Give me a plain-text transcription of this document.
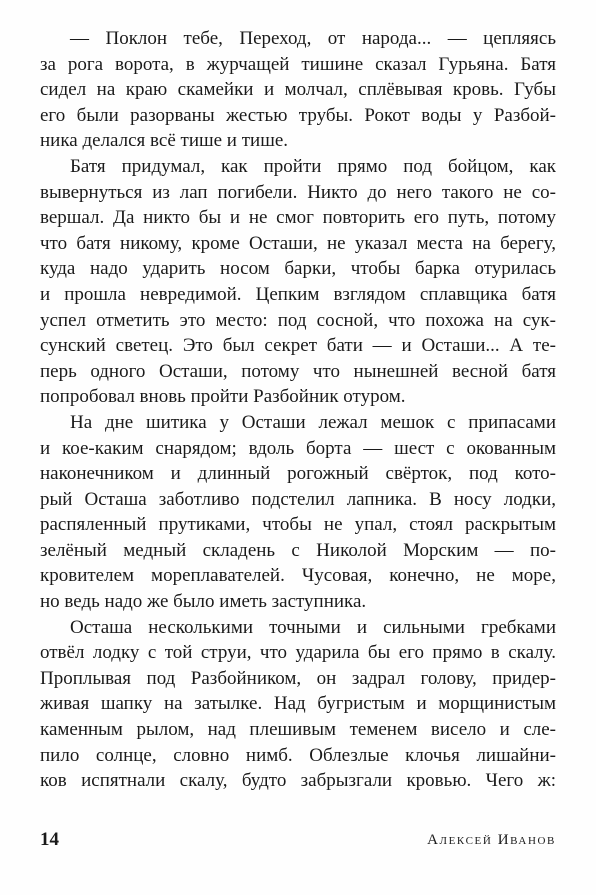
— Поклон тебе, Переход, от народа... — цепляясь
за рога ворота, в журчащей тишине сказал Гурьяна. Батя
сидел на краю скамейки и молчал, сплёвывая кровь. Губы
его были разорваны жестью трубы. Рокот воды у Разбой-
ника делался всё тише и тише.
Батя придумал, как пройти прямо под бойцом, как
вывернуться из лап погибели. Никто до него такого не со-
вершал. Да никто бы и не смог повторить его путь, потому
что батя никому, кроме Осташи, не указал места на берегу,
куда надо ударить носом барки, чтобы барка отурилась
и прошла невредимой. Цепким взглядом сплавщика батя
успел отметить это место: под сосной, что похожа на сук-
сунский светец. Это был секрет бати — и Осташи... А те-
перь одного Осташи, потому что нынешней весной батя
попробовал вновь пройти Разбойник отуром.
На дне шитика у Осташи лежал мешок с припасами
и кое-каким снарядом; вдоль борта — шест с окованным
наконечником и длинный рогожный свёрток, под кото-
рый Осташа заботливо подстелил лапника. В носу лодки,
распяленный прутиками, чтобы не упал, стоял раскрытым
зелёный медный складень с Николой Морским — по-
кровителем мореплавателей. Чусовая, конечно, не море,
но ведь надо же было иметь заступника.
Осташа несколькими точными и сильными гребками
отвёл лодку с той струи, что ударила бы его прямо в скалу.
Проплывая под Разбойником, он задрал голову, придер-
живая шапку на затылке. Над бугристым и морщинистым
каменным рылом, над плешивым теменем висело и сле-
пило солнце, словно нимб. Облезлые клочья лишайни-
ков испятнали скалу, будто забрызгали кровью. Чего ж:
14	Алексей Иванов
